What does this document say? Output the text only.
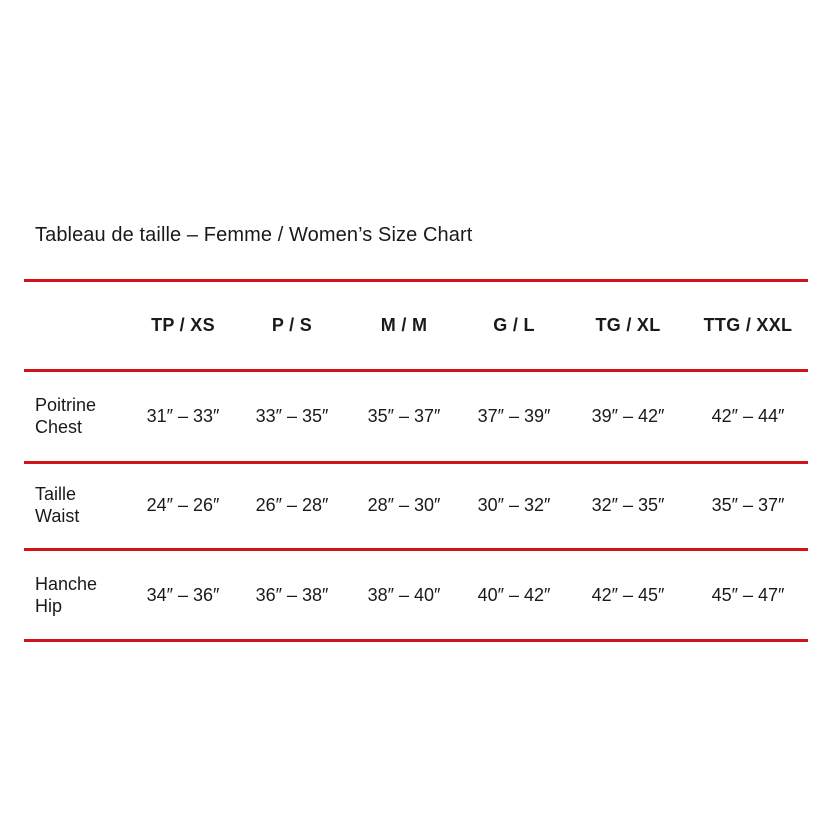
Tableau de taille – Femme / Women’s Size Chart
TP / XS	P / S	M / M	G / L	TG / XL	TTG / XXL
Poitrine
Chest
31″ – 33″	33″ – 35″	35″ – 37″	37″ – 39″	39″ – 42″	42″ – 44″
Taille
Waist
24″ – 26″	26″ – 28″	28″ – 30″	30″ – 32″	32″ – 35″	35″ – 37″
Hanche
Hip
34″ – 36″	36″ – 38″	38″ – 40″	40″ – 42″	42″ – 45″	45″ – 47″
